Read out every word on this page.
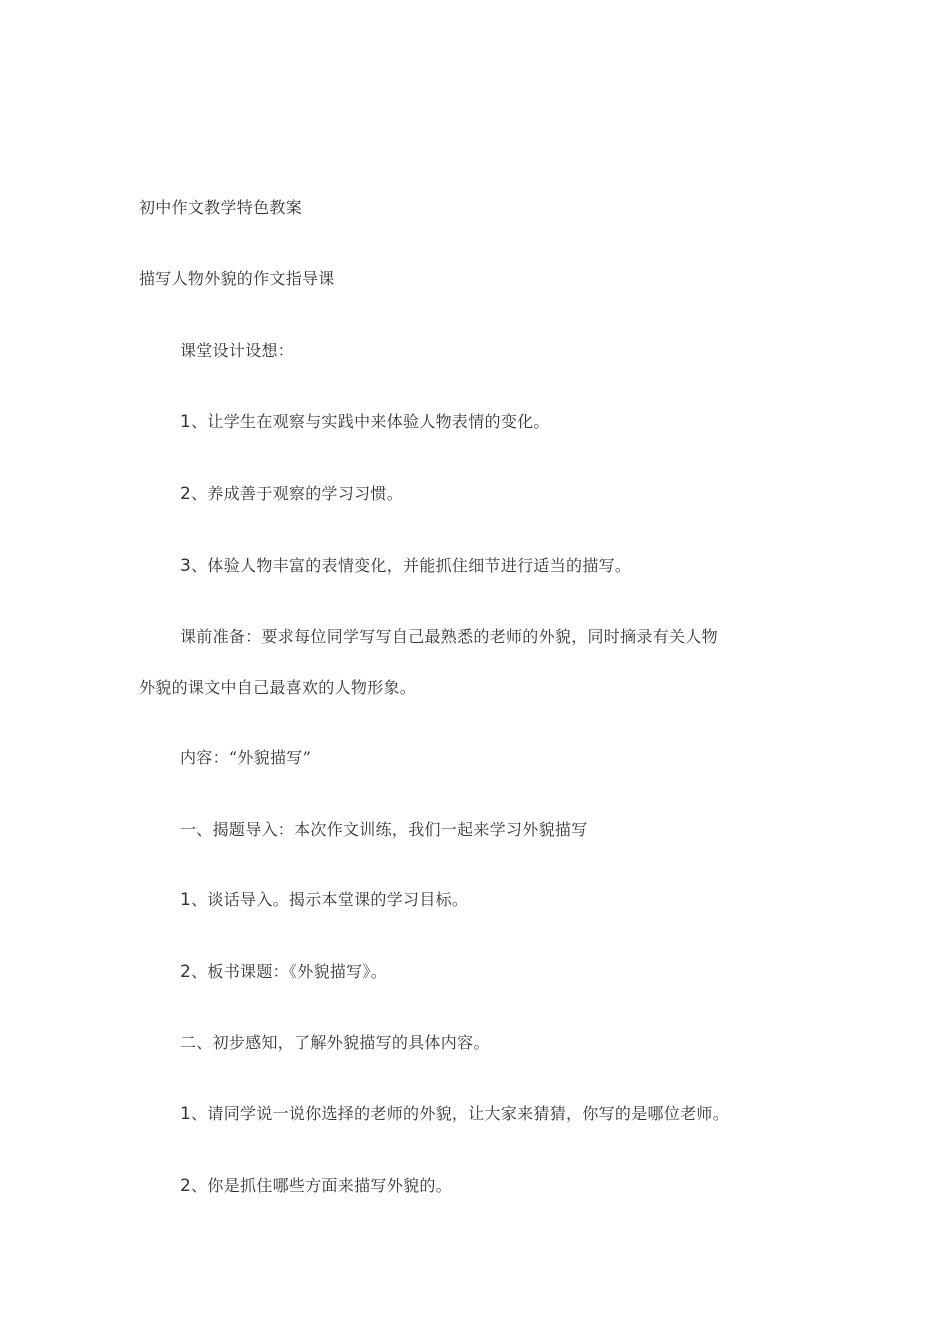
初中作文教学特色教案
描写人物外貌的作文指导课
课堂设计设想：
1、让学生在观察与实践中来体验人物表情的变化。
2、养成善于观察的学习习惯。
3、体验人物丰富的表情变化，并能抓住细节进行适当的描写。
课前准备：要求每位同学写写自己最熟悉的老师的外貌，同时摘录有关人物
外貌的课文中自己最喜欢的人物形象。
内容：“外貌描写”
一、揭题导入：本次作文训练，我们一起来学习外貌描写
1、谈话导入。揭示本堂课的学习目标。
2、板书课题：《外貌描写》。
二、初步感知，了解外貌描写的具体内容。
1、请同学说一说你选择的老师的外貌，让大家来猜猜，你写的是哪位老师。
2、你是抓住哪些方面来描写外貌的。
